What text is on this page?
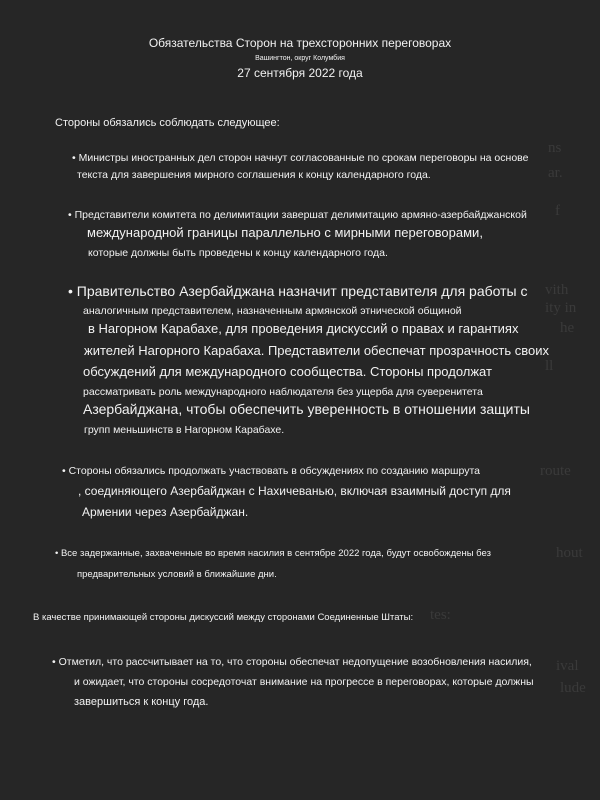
ns
ar.
f
vith
ity in
he
ll
route
hout
tes:
ival
lude
Обязательства Сторон на трехсторонних переговорах
Вашингтон, округ Колумбия
27 сентября 2022 года
Стороны обязались соблюдать следующее:
• Министры иностранных дел сторон начнут согласованные по срокам переговоры на основе
текста для завершения мирного соглашения к концу календарного года.
• Представители комитета по делимитации завершат делимитацию армяно-азербайджанской
международной границы параллельно с мирными переговорами,
которые должны быть проведены к концу календарного года.
• Правительство Азербайджана назначит представителя для работы с
аналогичным представителем, назначенным армянской этнической общиной
в Нагорном Карабахе, для проведения дискуссий о правах и гарантиях
жителей Нагорного Карабаха. Представители обеспечат прозрачность своих
обсуждений для международного сообщества. Стороны продолжат
рассматривать роль международного наблюдателя без ущерба для суверенитета
Азербайджана, чтобы обеспечить уверенность в отношении защиты
групп меньшинств в Нагорном Карабахе.
• Стороны обязались продолжать участвовать в обсуждениях по созданию маршрута
, соединяющего Азербайджан с Нахичеванью, включая взаимный доступ для
Армении через Азербайджан.
• Все задержанные, захваченные во время насилия в сентябре 2022 года, будут освобождены без
предварительных условий в ближайшие дни.
В качестве принимающей стороны дискуссий между сторонами Соединенные Штаты:
• Отметил, что рассчитывает на то, что стороны обеспечат недопущение возобновления насилия,
и ожидает, что стороны сосредоточат внимание на прогрессе в переговорах, которые должны
завершиться к концу года.
